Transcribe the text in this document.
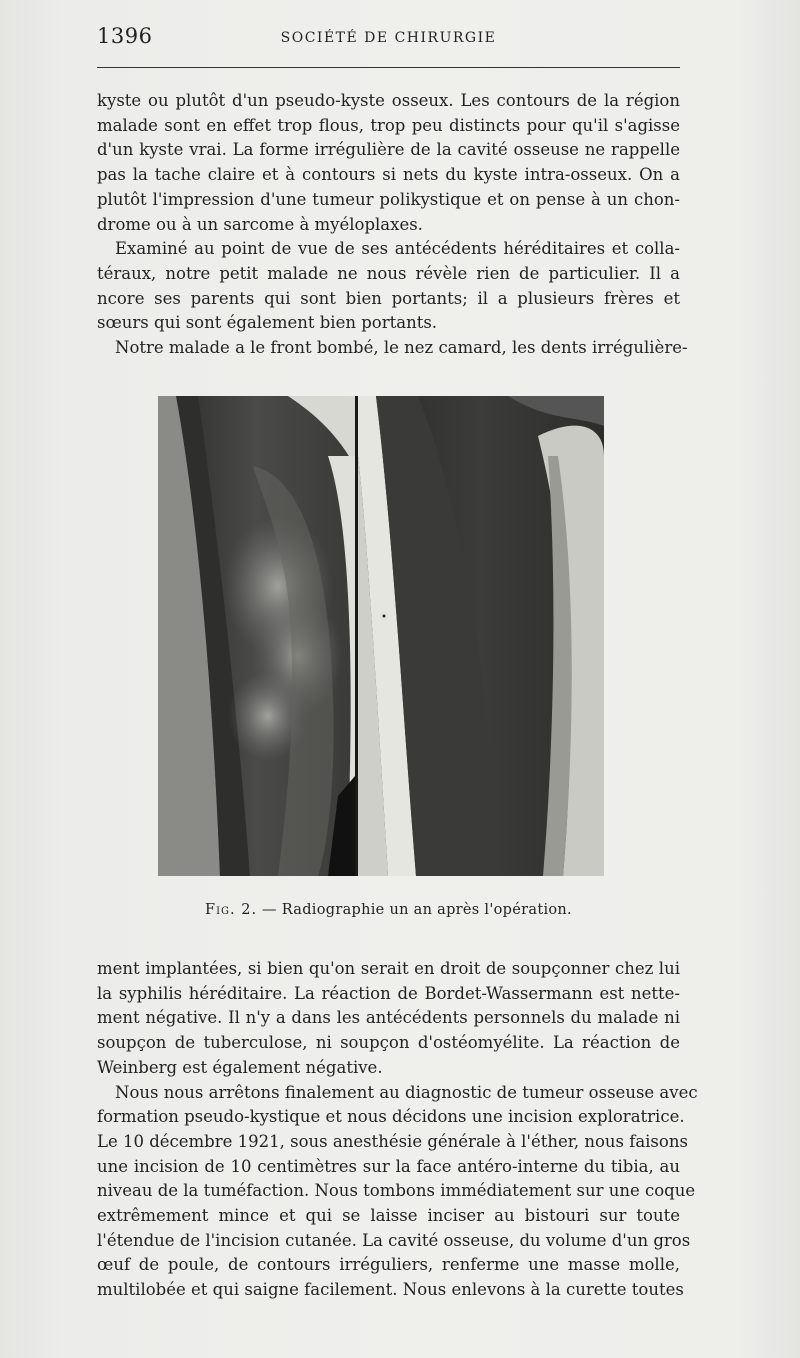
1396	SOCIÉTÉ DE CHIRURGIE

kyste ou plutôt d'un pseudo-kyste osseux. Les contours de la région
malade sont en effet trop flous, trop peu distincts pour qu'il s'agisse
d'un kyste vrai. La forme irrégulière de la cavité osseuse ne rappelle
pas la tache claire et à contours si nets du kyste intra-osseux. On a
plutôt l'impression d'une tumeur polikystique et on pense à un chon-
drome ou à un sarcome à myéloplaxes.

Examiné au point de vue de ses antécédents héréditaires et colla-
téraux, notre petit malade ne nous révèle rien de particulier. Il a
ncore ses parents qui sont bien portants; il a plusieurs frères et
sœurs qui sont également bien portants.

Notre malade a le front bombé, le nez camard, les dents irrégulière-

Fig. 2. — Radiographie un an après l'opération.

ment implantées, si bien qu'on serait en droit de soupçonner chez lui
la syphilis héréditaire. La réaction de Bordet-Wassermann est nette-
ment négative. Il n'y a dans les antécédents personnels du malade ni
soupçon de tuberculose, ni soupçon d'ostéomyélite. La réaction de
Weinberg est également négative.

Nous nous arrêtons finalement au diagnostic de tumeur osseuse avec
formation pseudo-kystique et nous décidons une incision exploratrice.
Le 10 décembre 1921, sous anesthésie générale à l'éther, nous faisons
une incision de 10 centimètres sur la face antéro-interne du tibia, au
niveau de la tuméfaction. Nous tombons immédiatement sur une coque
extrêmement mince et qui se laisse inciser au bistouri sur toute
l'étendue de l'incision cutanée. La cavité osseuse, du volume d'un gros
œuf de poule, de contours irréguliers, renferme une masse molle,
multilobée et qui saigne facilement. Nous enlevons à la curette toutes
